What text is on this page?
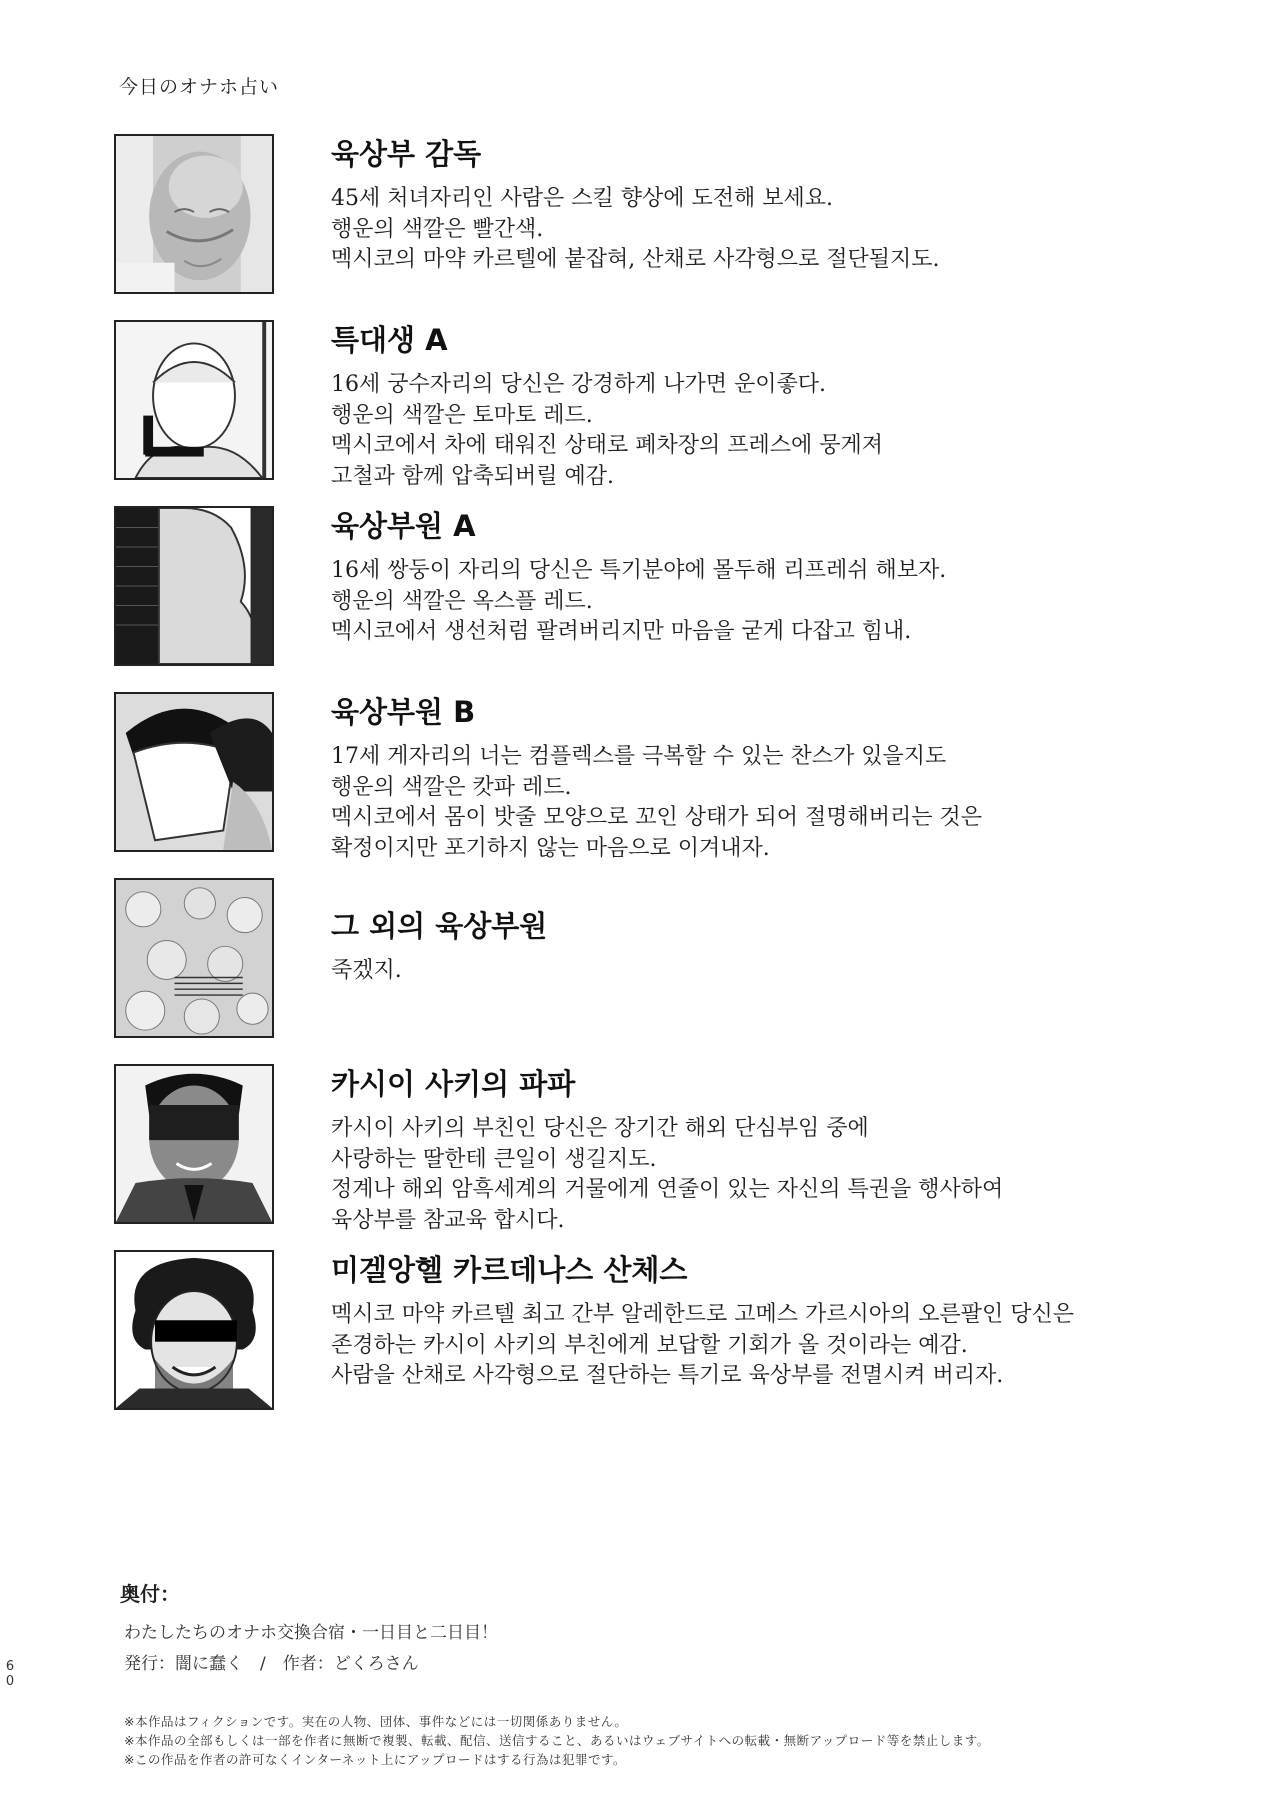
今日のオナホ占い
육상부 감독
45세 처녀자리인 사람은 스킬 향상에 도전해 보세요.
행운의 색깔은 빨간색.
멕시코의 마약 카르텔에 붙잡혀, 산채로 사각형으로 절단될지도.
특대생 A
16세 궁수자리의 당신은 강경하게 나가면 운이좋다.
행운의 색깔은 토마토 레드.
멕시코에서 차에 태워진 상태로 폐차장의 프레스에 뭉게져
고철과 함께 압축되버릴 예감.
육상부원 A
16세 쌍둥이 자리의 당신은 특기분야에 몰두해 리프레쉬 해보자.
행운의 색깔은 옥스플 레드.
멕시코에서 생선처럼 팔려버리지만 마음을 굳게 다잡고 힘내.
육상부원 B
17세 게자리의 너는 컴플렉스를 극복할 수 있는 찬스가 있을지도
행운의 색깔은 캇파 레드.
멕시코에서 몸이 밧줄 모양으로 꼬인 상태가 되어 절명해버리는 것은
확정이지만 포기하지 않는 마음으로 이겨내자.
그 외의 육상부원
죽겠지.
카시이 사키의 파파
카시이 사키의 부친인 당신은 장기간 해외 단심부임 중에
사랑하는 딸한테 큰일이 생길지도.
정계나 해외 암흑세계의 거물에게 연줄이 있는 자신의 특권을 행사하여
육상부를 참교육 합시다.
미겔앙헬 카르데나스 산체스
멕시코 마약 카르텔 최고 간부 알레한드로 고메스 가르시아의 오른팔인 당신은
존경하는 카시이 사키의 부친에게 보답할 기회가 올 것이라는 예감.
사람을 산채로 사각형으로 절단하는 특기로 육상부를 전멸시켜 버리자.
奥付：
わたしたちのオナホ交換合宿・一日目と二日目！
発行：闇に蠢く　/　作者：どくろさん
60
※本作品はフィクションです。実在の人物、団体、事件などには一切関係ありません。
※本作品の全部もしくは一部を作者に無断で複製、転載、配信、送信すること、あるいはウェブサイトへの転載・無断アップロード等を禁止します。
※この作品を作者の許可なくインターネット上にアップロードはする行為は犯罪です。
